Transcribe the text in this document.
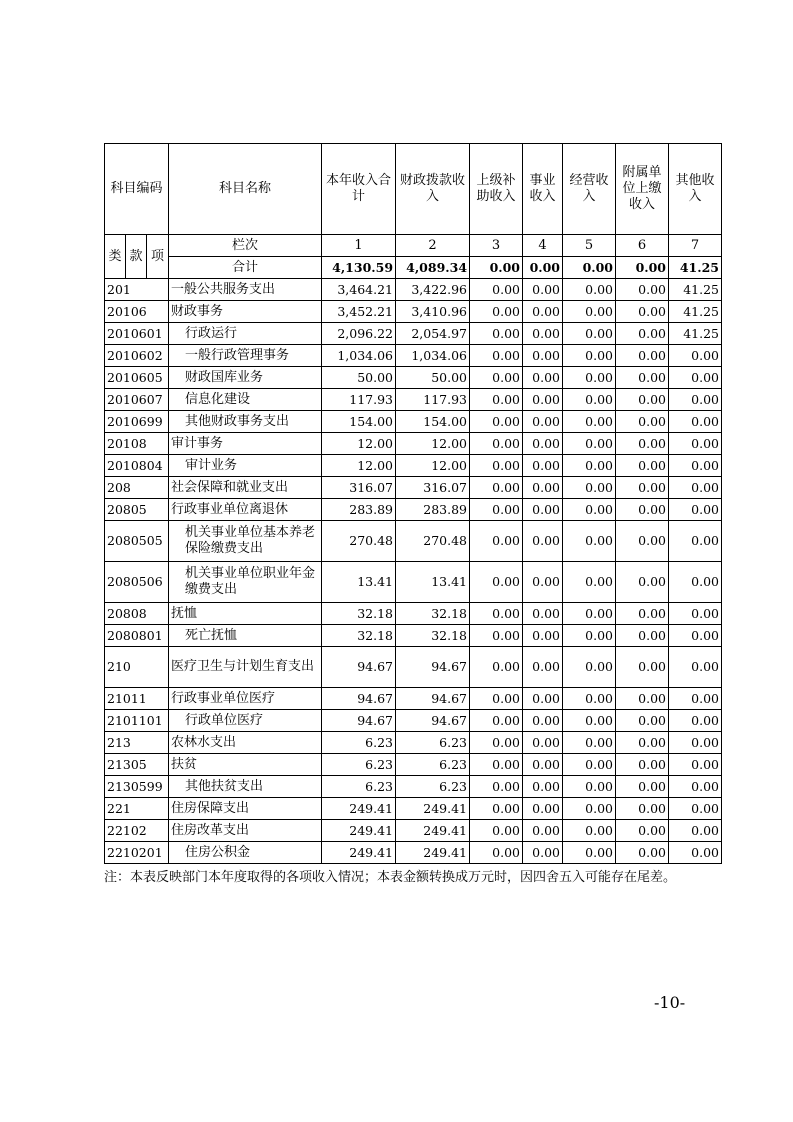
科目编码			科目名称	本年收入合计	财政拨款收入	上级补助收入	事业收入	经营收入	附属单位上缴收入	其他收入
类	款	项	栏次	1	2	3	4	5	6	7
			合计	4,130.59	4,089.34	0.00	0.00	0.00	0.00	41.25
201			一般公共服务支出	3,464.21	3,422.96	0.00	0.00	0.00	0.00	41.25
20106			财政事务	3,452.21	3,410.96	0.00	0.00	0.00	0.00	41.25
2010601			行政运行	2,096.22	2,054.97	0.00	0.00	0.00	0.00	41.25
2010602			一般行政管理事务	1,034.06	1,034.06	0.00	0.00	0.00	0.00	0.00
2010605			财政国库业务	50.00	50.00	0.00	0.00	0.00	0.00	0.00
2010607			信息化建设	117.93	117.93	0.00	0.00	0.00	0.00	0.00
2010699			其他财政事务支出	154.00	154.00	0.00	0.00	0.00	0.00	0.00
20108			审计事务	12.00	12.00	0.00	0.00	0.00	0.00	0.00
2010804			审计业务	12.00	12.00	0.00	0.00	0.00	0.00	0.00
208			社会保障和就业支出	316.07	316.07	0.00	0.00	0.00	0.00	0.00
20805			行政事业单位离退休	283.89	283.89	0.00	0.00	0.00	0.00	0.00
2080505			机关事业单位基本养老保险缴费支出	270.48	270.48	0.00	0.00	0.00	0.00	0.00
2080506			机关事业单位职业年金缴费支出	13.41	13.41	0.00	0.00	0.00	0.00	0.00
20808			抚恤	32.18	32.18	0.00	0.00	0.00	0.00	0.00
2080801			死亡抚恤	32.18	32.18	0.00	0.00	0.00	0.00	0.00
210			医疗卫生与计划生育支出	94.67	94.67	0.00	0.00	0.00	0.00	0.00
21011			行政事业单位医疗	94.67	94.67	0.00	0.00	0.00	0.00	0.00
2101101			行政单位医疗	94.67	94.67	0.00	0.00	0.00	0.00	0.00
213			农林水支出	6.23	6.23	0.00	0.00	0.00	0.00	0.00
21305			扶贫	6.23	6.23	0.00	0.00	0.00	0.00	0.00
2130599			其他扶贫支出	6.23	6.23	0.00	0.00	0.00	0.00	0.00
221			住房保障支出	249.41	249.41	0.00	0.00	0.00	0.00	0.00
22102			住房改革支出	249.41	249.41	0.00	0.00	0.00	0.00	0.00
2210201			住房公积金	249.41	249.41	0.00	0.00	0.00	0.00	0.00
注：本表反映部门本年度取得的各项收入情况；本表金额转换成万元时，因四舍五入可能存在尾差。
-10-
